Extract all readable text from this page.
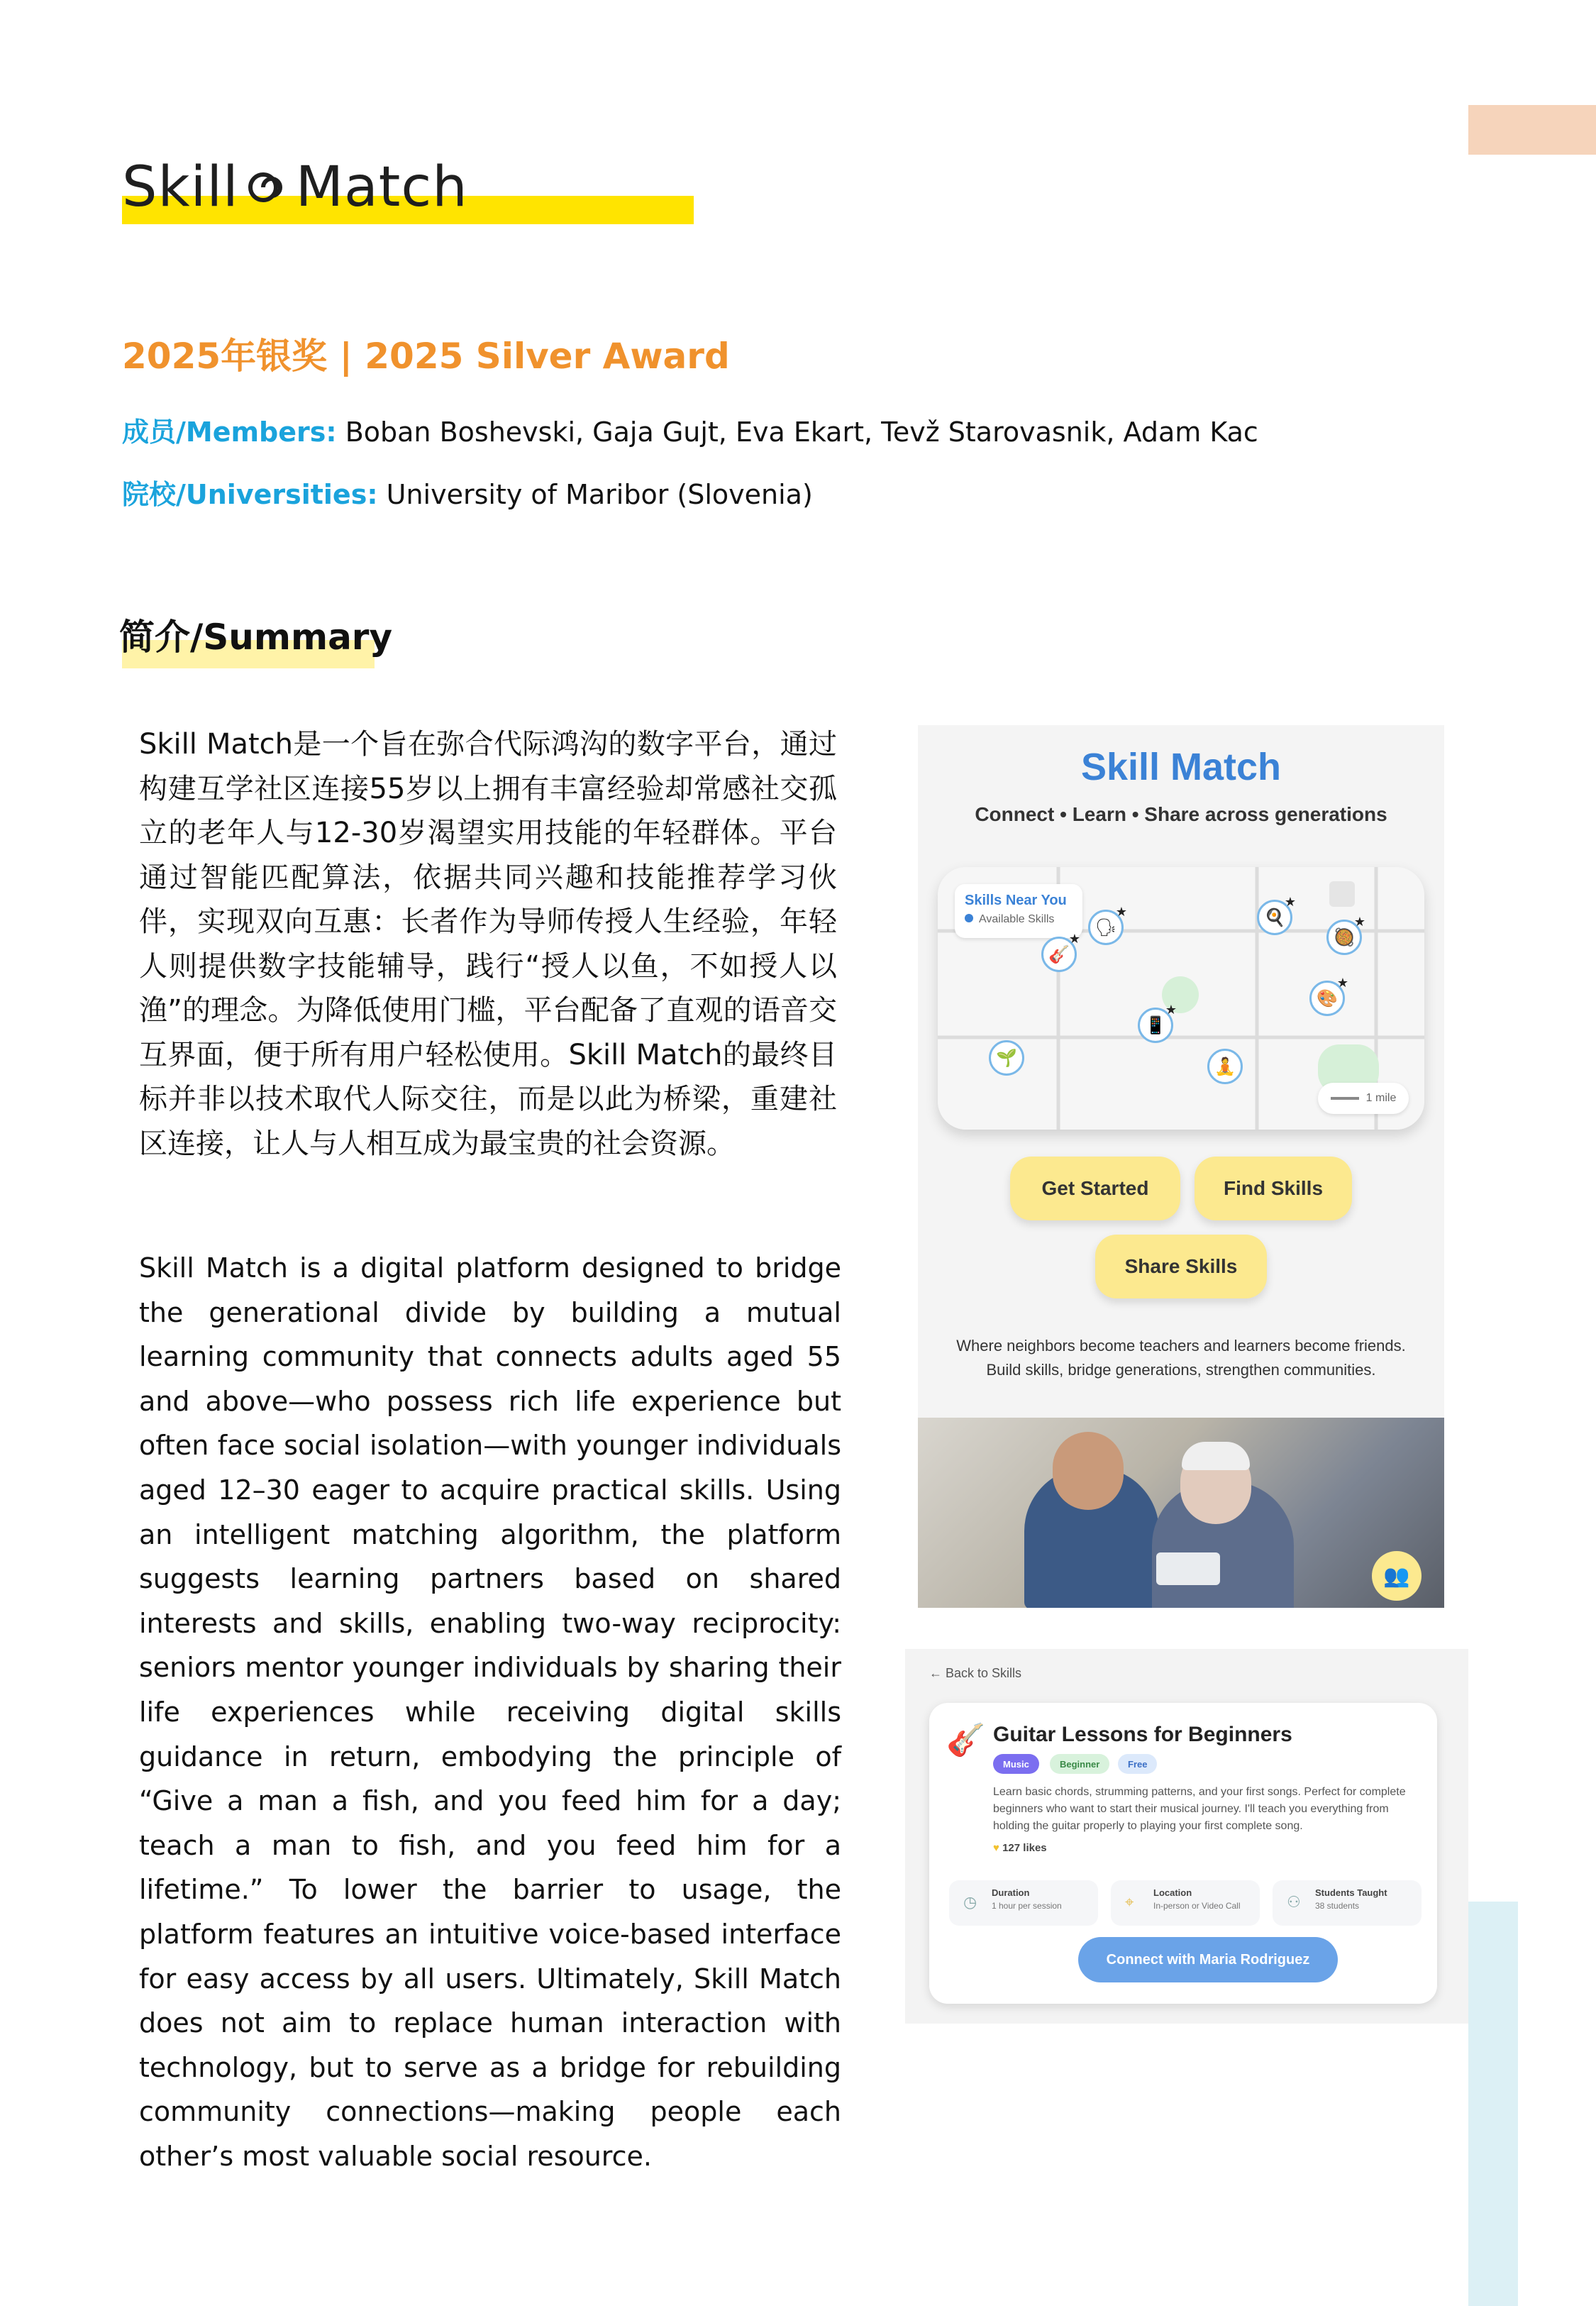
Skill Match
2025年银奖 | 2025 Silver Award
成员/Members: Boban Boshevski, Gaja Gujt, Eva Ekart, Tevž Starovasnik, Adam Kac
院校/Universities: University of Maribor (Slovenia)
简介/Summary
Skill Match是一个旨在弥合代际鸿沟的数字平台，通过构建互学社区连接55岁以上拥有丰富经验却常感社交孤立的老年人与12-30岁渴望实用技能的年轻群体。平台通过智能匹配算法，依据共同兴趣和技能推荐学习伙伴，实现双向互惠：长者作为导师传授人生经验，年轻人则提供数字技能辅导，践行“授人以鱼，不如授人以渔”的理念。为降低使用门槛，平台配备了直观的语音交互界面，便于所有用户轻松使用。Skill Match的最终目标并非以技术取代人际交往，而是以此为桥梁，重建社区连接，让人与人相互成为最宝贵的社会资源。
Skill Match is a digital platform designed to bridge the generational divide by building a mutual learning community that connects adults aged 55 and above—who possess rich life experience but often face social isolation—with younger individuals aged 12–30 eager to acquire practical skills. Using an intelligent matching algorithm, the platform suggests learning partners based on shared interests and skills, enabling two-way reciprocity: seniors mentor younger individuals by sharing their life experiences while receiving digital skills guidance in return, embodying the principle of “Give a man a fish, and you feed him for a day; teach a man to fish, and you feed him for a lifetime.” To lower the barrier to usage, the platform features an intuitive voice-based interface for easy access by all users. Ultimately, Skill Match does not aim to replace human interaction with technology, but to serve as a bridge for rebuilding community connections—making people each other’s most valuable social resource.
Skill Match
Connect • Learn • Share across generations
Skills Near You
Available Skills
🎸
★
🗣
★	🍳
★
🥘
★
🎨
★
📱
★
🧘
🌱
1 mile
Get Started	Find Skills
Share Skills
Where neighbors become teachers and learners become friends.
Build skills, bridge generations, strengthen communities.
👥
← Back to Skills
🎸 Guitar Lessons for Beginners
Music	Beginner	Free
Learn basic chords, strumming patterns, and your first songs. Perfect for complete beginners who want to start their musical journey. I'll teach you everything from holding the guitar properly to playing your first complete song.
♥ 127 likes
◷
Duration
1 hour per session	⌖
Location
In-person or Video Call	⚇
Students Taught
38 students
Connect with Maria Rodriguez
